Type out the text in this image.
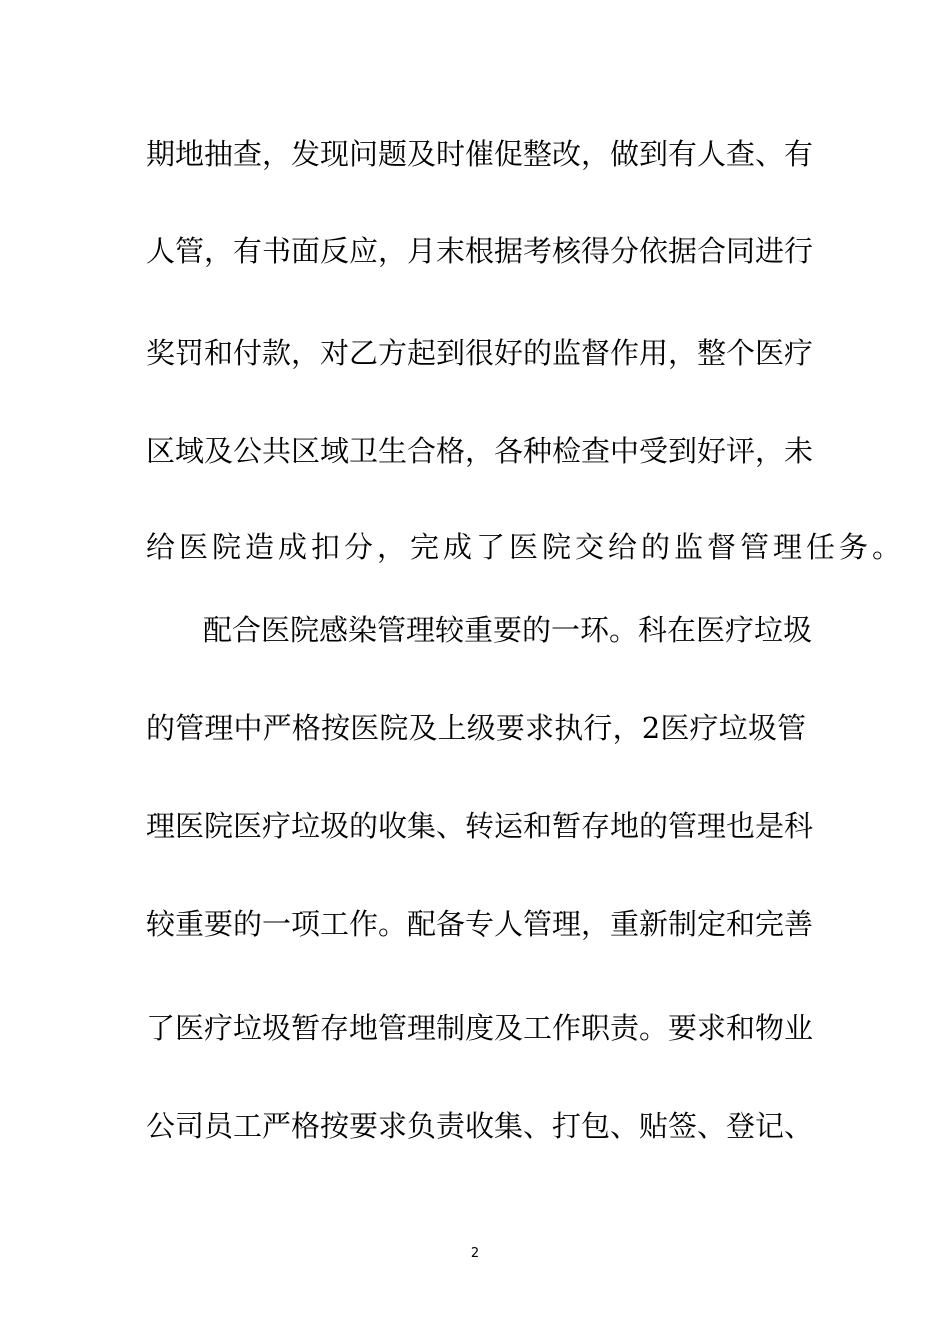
期地抽查，发现问题及时催促整改，做到有人查、有
人管，有书面反应，月末根据考核得分依据合同进行
奖罚和付款，对乙方起到很好的监督作用，整个医疗
区域及公共区域卫生合格，各种检查中受到好评，未
给医院造成扣分，完成了医院交给的监督管理任务。
配合医院感染管理较重要的一环。科在医疗垃圾
的管理中严格按医院及上级要求执行，2医疗垃圾管
理医院医疗垃圾的收集、转运和暂存地的管理也是科
较重要的一项工作。配备专人管理，重新制定和完善
了医疗垃圾暂存地管理制度及工作职责。要求和物业
公司员工严格按要求负责收集、打包、贴签、登记、
2
